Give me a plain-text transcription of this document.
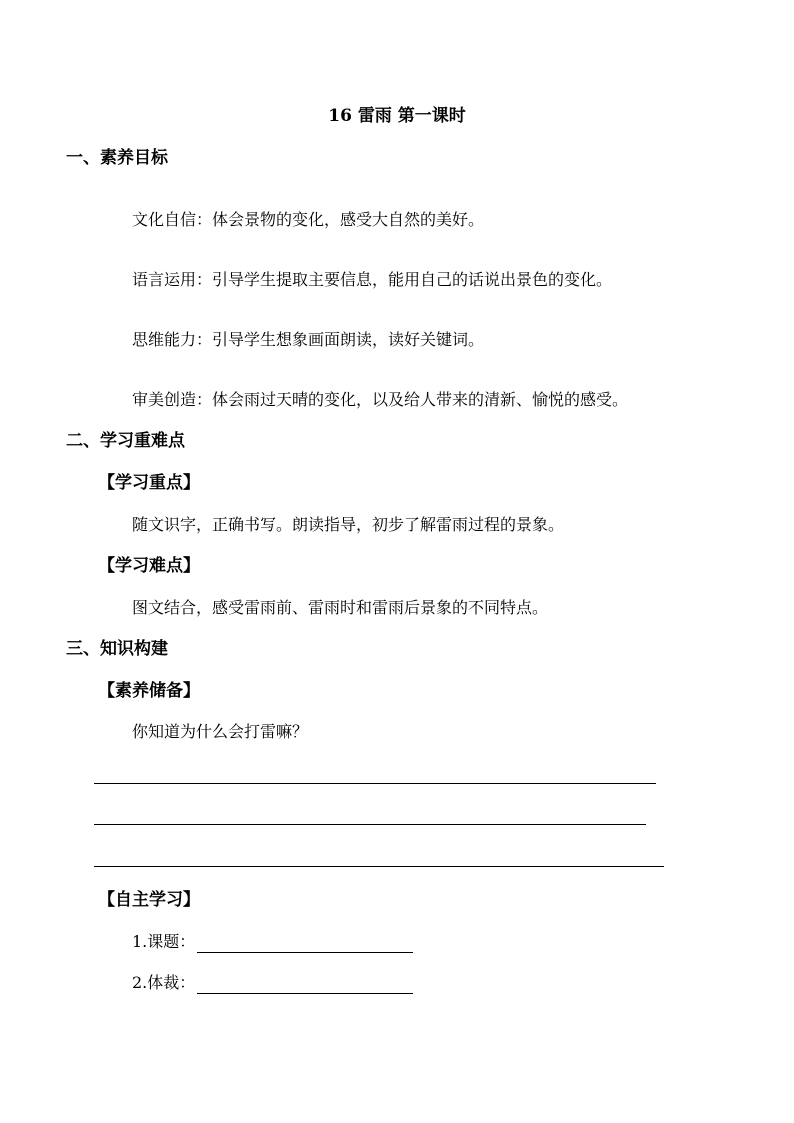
16 雷雨 第一课时
一、素养目标
文化自信：体会景物的变化，感受大自然的美好。
语言运用：引导学生提取主要信息，能用自己的话说出景色的变化。
思维能力：引导学生想象画面朗读，读好关键词。
审美创造：体会雨过天晴的变化，以及给人带来的清新、愉悦的感受。
二、学习重难点
【学习重点】
随文识字，正确书写。朗读指导，初步了解雷雨过程的景象。
【学习难点】
图文结合，感受雷雨前、雷雨时和雷雨后景象的不同特点。
三、知识构建
【素养储备】
你知道为什么会打雷嘛？
【自主学习】
1.课题：
2.体裁：
